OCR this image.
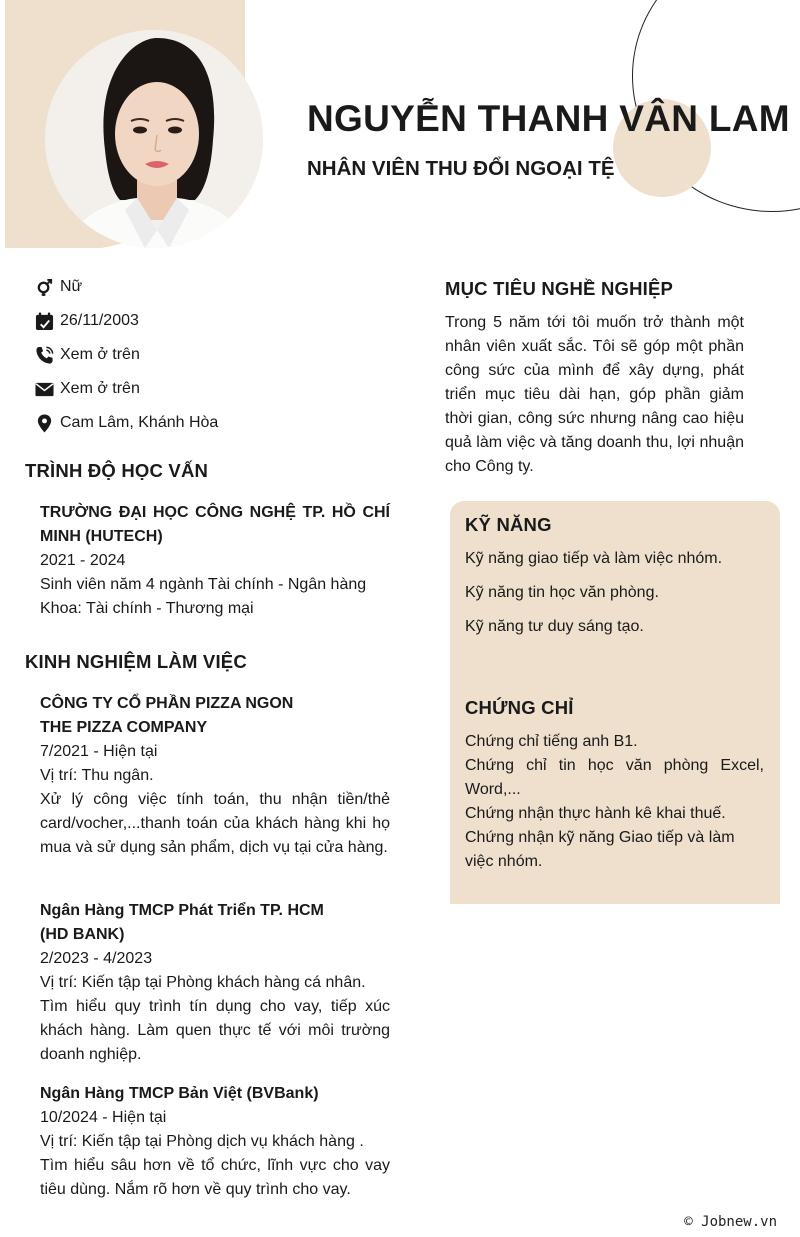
NGUYỄN THANH VÂN LAM
NHÂN VIÊN THU ĐỔI NGOẠI TỆ
Nữ
26/11/2003
Xem ở trên
Xem ở trên
Cam Lâm, Khánh Hòa
TRÌNH ĐỘ HỌC VẤN
TRƯỜNG ĐẠI HỌC CÔNG NGHỆ TP. HỒ CHÍ MINH (HUTECH)
2021 - 2024
Sinh viên năm 4 ngành Tài chính - Ngân hàng
Khoa: Tài chính - Thương mại
KINH NGHIỆM LÀM VIỆC
CÔNG TY CỔ PHẦN PIZZA NGON
THE PIZZA COMPANY
7/2021 - Hiện tại
Vị trí: Thu ngân.
Xử lý công việc tính toán, thu nhận tiền/thẻ card/vocher,...thanh toán của khách hàng khi họ mua và sử dụng sản phẩm, dịch vụ tại cửa hàng.
Ngân Hàng TMCP Phát Triển TP. HCM
(HD BANK)
2/2023 - 4/2023
Vị trí: Kiến tập tại Phòng khách hàng cá nhân.
Tìm hiểu quy trình tín dụng cho vay, tiếp xúc khách hàng. Làm quen thực tế với môi trường doanh nghiệp.
Ngân Hàng TMCP Bản Việt (BVBank)
10/2024 - Hiện tại
Vị trí: Kiến tập tại Phòng dịch vụ khách hàng .
Tìm hiểu sâu hơn về tổ chức, lĩnh vực cho vay tiêu dùng. Nắm rõ hơn về quy trình cho vay.
MỤC TIÊU NGHỀ NGHIỆP
Trong 5 năm tới tôi muốn trở thành một nhân viên xuất sắc. Tôi sẽ góp một phần công sức của mình để xây dựng, phát triển mục tiêu dài hạn, góp phần giảm thời gian, công sức nhưng nâng cao hiệu quả làm việc và tăng doanh thu, lợi nhuận cho Công ty.
KỸ NĂNG
Kỹ năng giao tiếp và làm việc nhóm.
Kỹ năng tin học văn phòng.
Kỹ năng tư duy sáng tạo.
CHỨNG CHỈ
Chứng chỉ tiếng anh B1.
Chứng chỉ tin học văn phòng Excel, Word,...
Chứng nhận thực hành kê khai thuế.
Chứng nhận kỹ năng Giao tiếp và làm việc nhóm.
© Jobnew.vn
